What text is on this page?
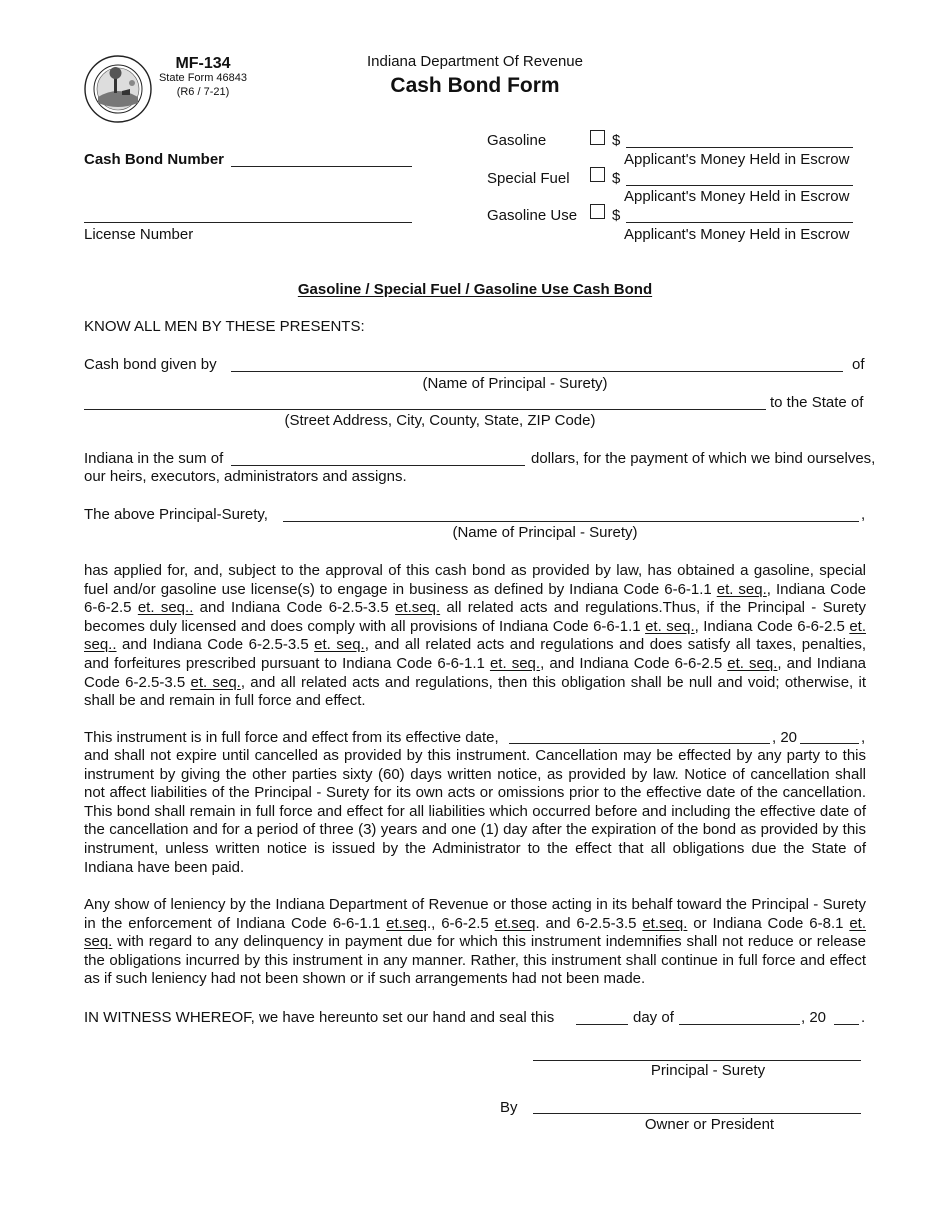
MF-134
State Form 46843
(R6 / 7-21)
Indiana Department Of Revenue
Cash Bond Form
Cash Bond Number
License Number
Gasoline	$
Applicant's Money Held in Escrow
Special Fuel	$
Applicant's Money Held in Escrow
Gasoline Use $
Applicant's Money Held in Escrow
Gasoline / Special Fuel / Gasoline Use Cash Bond
KNOW ALL MEN BY THESE PRESENTS:
Cash bond given by	of
(Name of Principal - Surety)
to the State of
(Street Address, City, County, State, ZIP Code)
Indiana in the sum of	dollars, for the payment of which we bind ourselves,
our heirs, executors, administrators and assigns.
The above Principal-Surety,	,
(Name of Principal - Surety)
has applied for, and, subject to the approval of this cash bond as provided by law, has obtained a gasoline, special fuel and/or gasoline use license(s) to engage in business as defined by Indiana Code 6-6-1.1 et. seq., Indiana Code 6-6-2.5 et. seq.. and Indiana Code 6-2.5-3.5 et.seq. all related acts and regulations.Thus, if the Principal - Surety becomes duly licensed and does comply with all provisions of Indiana Code 6-6-1.1 et. seq., Indiana Code 6-6-2.5 et. seq.. and Indiana Code 6-2.5-3.5 et. seq., and all related acts and regulations and does satisfy all taxes, penalties, and forfeitures prescribed pursuant to Indiana Code 6-6-1.1 et. seq., and Indiana Code 6-6-2.5 et. seq., and Indiana Code 6-2.5-3.5 et. seq., and all related acts and regulations, then this obligation shall be null and void; otherwise, it shall be and remain in full force and effect.
This instrument is in full force and effect from its effective date,	, 20	,
and shall not expire until cancelled as provided by this instrument. Cancellation may be effected by any party to this instrument by giving the other parties sixty (60) days written notice, as provided by law. Notice of cancellation shall not affect liabilities of the Principal - Surety for its own acts or omissions prior to the effective date of the cancellation. This bond shall remain in full force and effect for all liabilities which occurred before and including the effective date of the cancellation and for a period of three (3) years and one (1) day after the expiration of the bond as provided by this instrument, unless written notice is issued by the Administrator to the effect that all obligations due the State of Indiana have been paid.
Any show of leniency by the Indiana Department of Revenue or those acting in its behalf toward the Principal - Surety in the enforcement of Indiana Code 6-6-1.1 et.seq., 6-6-2.5 et.seq. and 6-2.5-3.5 et.seq. or Indiana Code 6-8.1 et. seq. with regard to any delinquency in payment due for which this instrument indemnifies shall not reduce or release the obligations incurred by this instrument in any manner. Rather, this instrument shall continue in full force and effect as if such leniency had not been shown or if such arrangements had not been made.
IN WITNESS WHEREOF, we have hereunto set our hand and seal this	day of	, 20 .
Principal - Surety
By
Owner or President
